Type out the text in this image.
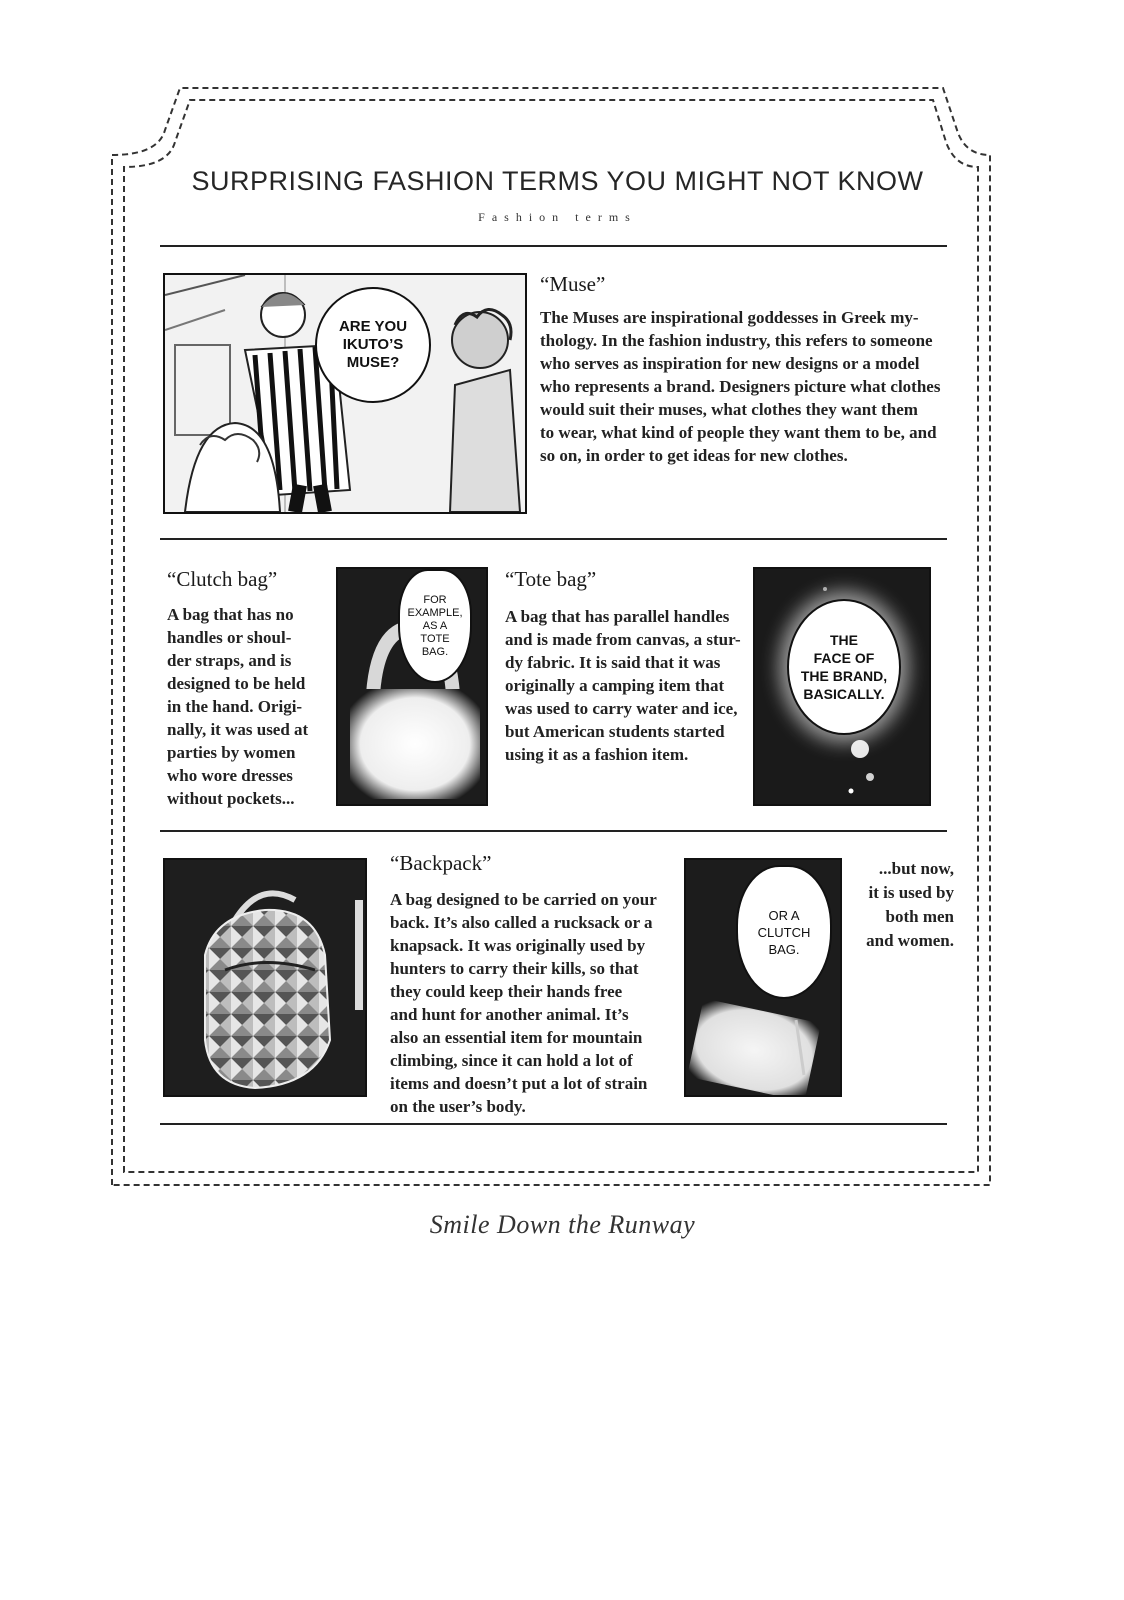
SURPRISING FASHION TERMS YOU MIGHT NOT KNOW
Fashion terms
ARE YOU
IKUTO’S
MUSE?
“Muse”
The Muses are inspirational goddesses in Greek my-
thology. In the fashion industry, this refers to someone
who serves as inspiration for new designs or a model
who represents a brand. Designers picture what clothes
would suit their muses, what clothes they want them
to wear, what kind of people they want them to be, and
so on, in order to get ideas for new clothes.
“Clutch bag”
A bag that has no
handles or shoul-
der straps, and is
designed to be held
in the hand. Origi-
nally, it was used at
parties by women
who wore dresses
without pockets...
FOR
EXAMPLE,
AS A
TOTE
BAG.
“Tote bag”
A bag that has parallel handles
and is made from canvas, a stur-
dy fabric. It is said that it was
originally a camping item that
was used to carry water and ice,
but American students started
using it as a fashion item.
THE
FACE OF
THE BRAND,
BASICALLY.
“Backpack”
A bag designed to be carried on your
back. It’s also called a rucksack or a
knapsack. It was originally used by
hunters to carry their kills, so that
they could keep their hands free
and hunt for another animal. It’s
also an essential item for mountain
climbing, since it can hold a lot of
items and doesn’t put a lot of strain
on the user’s body.
OR A
CLUTCH
BAG.
...but now,
it is used by
both men
and women.
Smile Down the Runway
